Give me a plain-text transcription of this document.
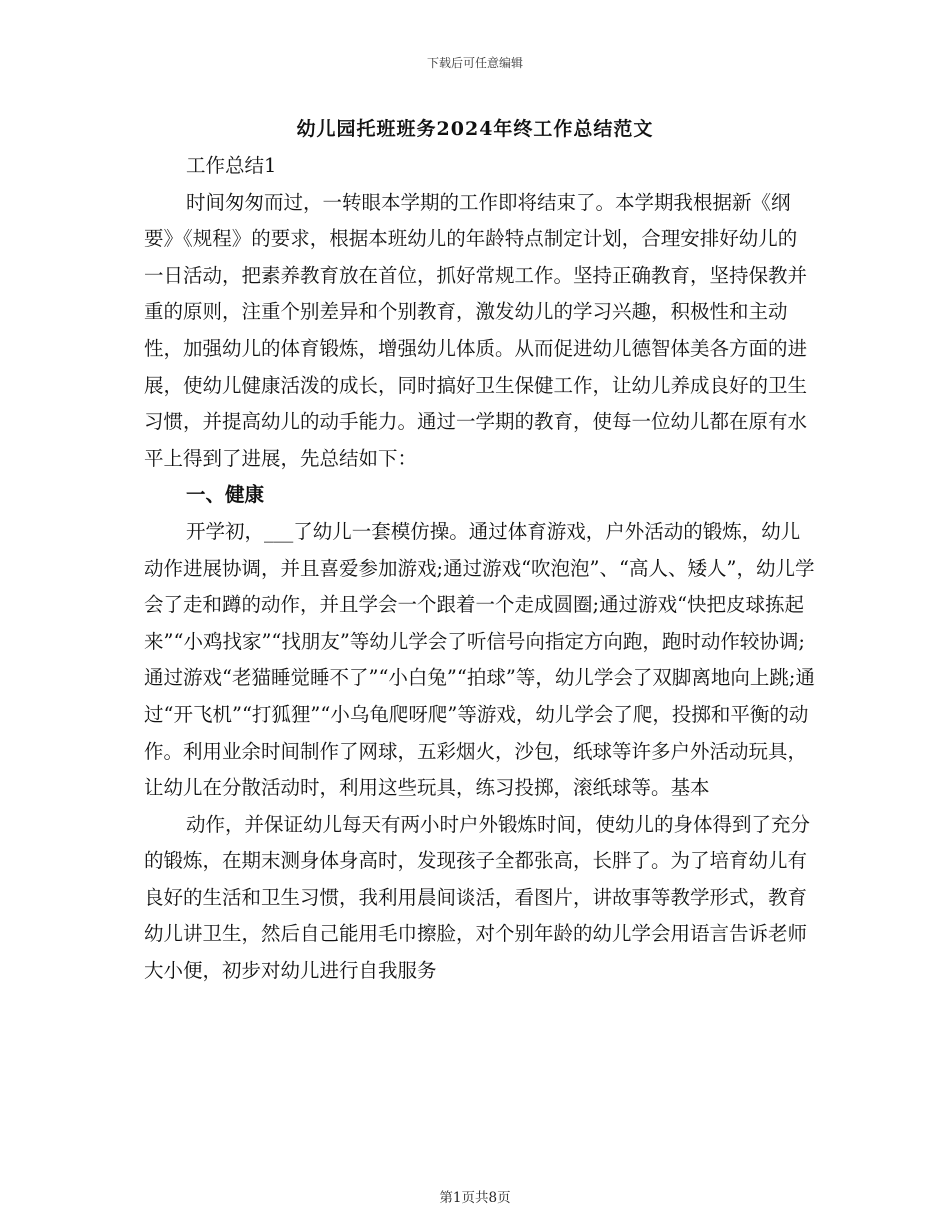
下载后可任意编辑
幼儿园托班班务2024年终工作总结范文

工作总结1

时间匆匆而过，一转眼本学期的工作即将结束了。本学期我根据新《纲要》《规程》的要求，根据本班幼儿的年龄特点制定计划，合理安排好幼儿的一日活动，把素养教育放在首位，抓好常规工作。坚持正确教育，坚持保教并重的原则，注重个别差异和个别教育，激发幼儿的学习兴趣，积极性和主动性，加强幼儿的体育锻炼，增强幼儿体质。从而促进幼儿德智体美各方面的进展，使幼儿健康活泼的成长，同时搞好卫生保健工作，让幼儿养成良好的卫生习惯，并提高幼儿的动手能力。通过一学期的教育，使每一位幼儿都在原有水平上得到了进展，先总结如下：

一、健康

开学初，___了幼儿一套模仿操。通过体育游戏，户外活动的锻炼，幼儿动作进展协调，并且喜爱参加游戏;通过游戏“吹泡泡”、“高人、矮人”，幼儿学会了走和蹲的动作，并且学会一个跟着一个走成圆圈;通过游戏“快把皮球拣起来”“小鸡找家”“找朋友”等幼儿学会了听信号向指定方向跑，跑时动作较协调;通过游戏“老猫睡觉睡不了”“小白兔”“拍球”等，幼儿学会了双脚离地向上跳;通过“开飞机”“打狐狸”“小乌龟爬呀爬”等游戏，幼儿学会了爬，投掷和平衡的动作。利用业余时间制作了网球，五彩烟火，沙包，纸球等许多户外活动玩具，让幼儿在分散活动时，利用这些玩具，练习投掷，滚纸球等。基本

动作，并保证幼儿每天有两小时户外锻炼时间，使幼儿的身体得到了充分的锻炼，在期末测身体身高时，发现孩子全都张高，长胖了。为了培育幼儿有良好的生活和卫生习惯，我利用晨间谈活，看图片，讲故事等教学形式，教育幼儿讲卫生，然后自己能用毛巾擦脸，对个别年龄的幼儿学会用语言告诉老师大小便，初步对幼儿进行自我服务

第1页共8页
